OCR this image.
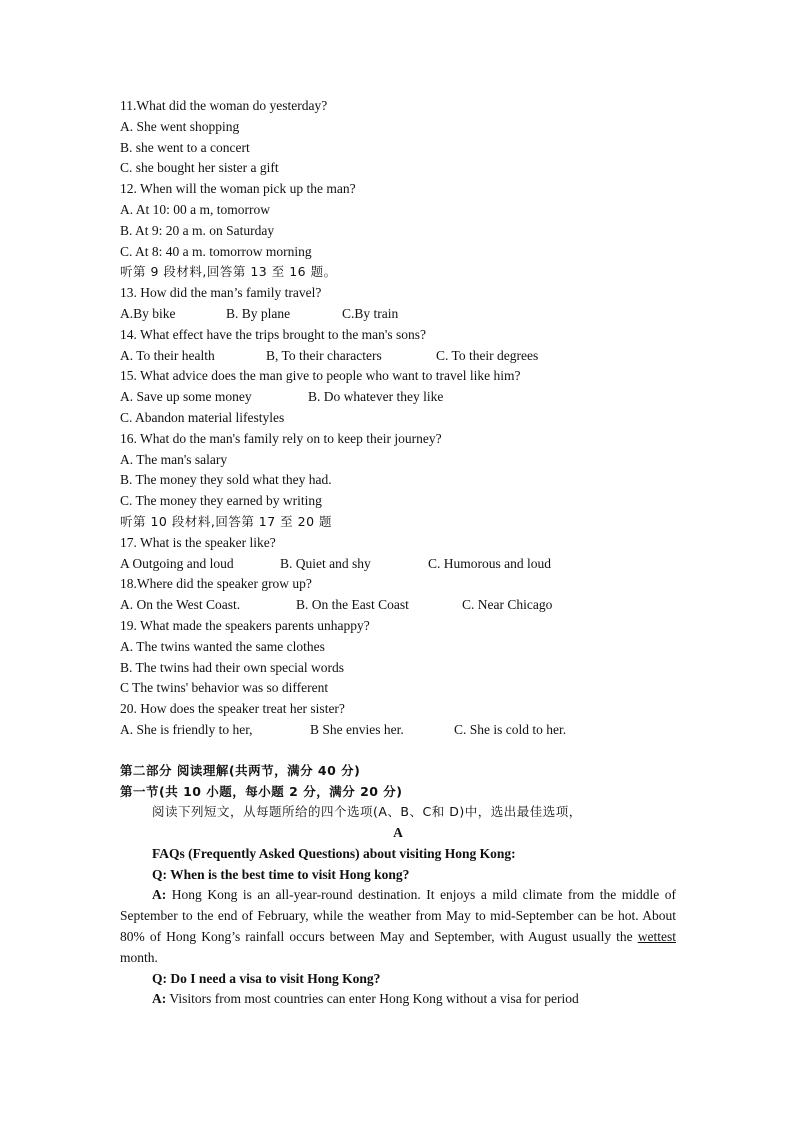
11.What did the woman do yesterday?
A. She went shopping
B. she went to a concert
C. she bought her sister a gift
12. When will the woman pick up the man?
A. At 10: 00 a m, tomorrow
B. At 9: 20 a m. on Saturday
C. At 8: 40 a m. tomorrow morning
听第 9 段材料,回答第 13 至 16 题。
13. How did the man’s family travel?
A.By bike	B. By plane	C.By train
14. What effect have the trips brought to the man's sons?
A. To their health	B, To their characters	C. To their degrees
15. What advice does the man give to people who want to travel like him?
A. Save up some money	B. Do whatever they like
C. Abandon material lifestyles
16. What do the man's family rely on to keep their journey?
A. The man's salary
B. The money they sold what they had.
C. The money they earned by writing
听第 10 段材料,回答第 17 至 20 题
17. What is the speaker like?
A Outgoing and loud	B. Quiet and shy	C. Humorous and loud
18.Where did the speaker grow up?
A. On the West Coast.	B. On the East Coast	C. Near Chicago
19. What made the speakers parents unhappy?
A. The twins wanted the same clothes
B. The twins had their own special words
C The twins' behavior was so different
20. How does the speaker treat her sister?
A. She is friendly to her,	B She envies her.	C. She is cold to her.
第二部分 阅读理解(共两节，满分 40 分)
第一节(共 10 小题，每小题 2 分，满分 20 分)
阅读下列短文，从每题所给的四个选项(A、B、C和 D)中，选出最佳选项，
A
FAQs (Frequently Asked Questions) about visiting Hong Kong:
Q: When is the best time to visit Hong kong?
A: Hong Kong is an all-year-round destination. It enjoys a mild climate from the middle of September to the end of February, while the weather from May to mid-September can be hot. About 80% of Hong Kong’s rainfall occurs between May and September, with August usually the wettest month.
Q: Do I need a visa to visit Hong Kong?
A: Visitors from most countries can enter Hong Kong without a visa for period
